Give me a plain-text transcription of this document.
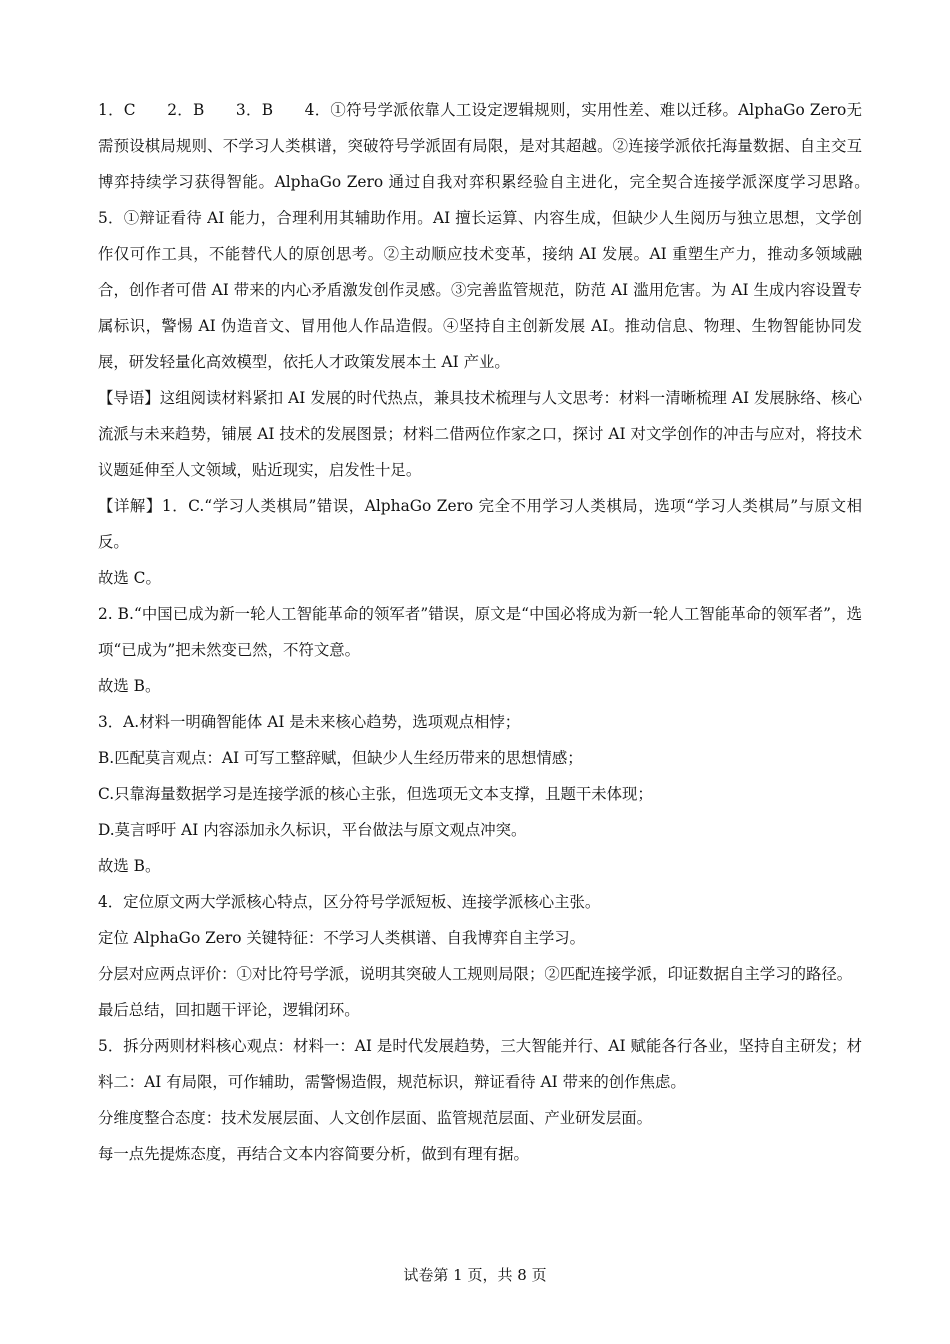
1．C　　2．B　　3．B　　4．①符号学派依靠人工设定逻辑规则，实用性差、难以迁移。AlphaGo Zero无需预设棋局规则、不学习人类棋谱，突破符号学派固有局限，是对其超越。②连接学派依托海量数据、自主交互博弈持续学习获得智能。AlphaGo Zero 通过自我对弈积累经验自主进化，完全契合连接学派深度学习思路。　　5．①辩证看待 AI 能力，合理利用其辅助作用。AI 擅长运算、内容生成，但缺少人生阅历与独立思想，文学创作仅可作工具，不能替代人的原创思考。②主动顺应技术变革，接纳 AI 发展。AI 重塑生产力，推动多领域融合，创作者可借 AI 带来的内心矛盾激发创作灵感。③完善监管规范，防范 AI 滥用危害。为 AI 生成内容设置专属标识，警惕 AI 伪造音文、冒用他人作品造假。④坚持自主创新发展 AI。推动信息、物理、生物智能协同发展，研发轻量化高效模型，依托人才政策发展本土 AI 产业。

【导语】这组阅读材料紧扣 AI 发展的时代热点，兼具技术梳理与人文思考：材料一清晰梳理 AI 发展脉络、核心流派与未来趋势，铺展 AI 技术的发展图景；材料二借两位作家之口，探讨 AI 对文学创作的冲击与应对，将技术议题延伸至人文领域，贴近现实，启发性十足。

【详解】1．C.“学习人类棋局”错误，AlphaGo Zero 完全不用学习人类棋局，选项“学习人类棋局”与原文相反。

故选 C。

2. B.“中国已成为新一轮人工智能革命的领军者”错误，原文是“中国必将成为新一轮人工智能革命的领军者”，选项“已成为”把未然变已然，不符文意。

故选 B。

3．A.材料一明确智能体 AI 是未来核心趋势，选项观点相悖；

B.匹配莫言观点：AI 可写工整辞赋，但缺少人生经历带来的思想情感；

C.只靠海量数据学习是连接学派的核心主张，但选项无文本支撑，且题干未体现；

D.莫言呼吁 AI 内容添加永久标识，平台做法与原文观点冲突。

故选 B。

4．定位原文两大学派核心特点，区分符号学派短板、连接学派核心主张。

定位 AlphaGo Zero 关键特征：不学习人类棋谱、自我博弈自主学习。

分层对应两点评价：①对比符号学派，说明其突破人工规则局限；②匹配连接学派，印证数据自主学习的路径。

最后总结，回扣题干评论，逻辑闭环。

5．拆分两则材料核心观点：材料一：AI 是时代发展趋势，三大智能并行、AI 赋能各行各业，坚持自主研发；材料二：AI 有局限，可作辅助，需警惕造假，规范标识，辩证看待 AI 带来的创作焦虑。

分维度整合态度：技术发展层面、人文创作层面、监管规范层面、产业研发层面。

每一点先提炼态度，再结合文本内容简要分析，做到有理有据。

试卷第 1 页，共 8 页
